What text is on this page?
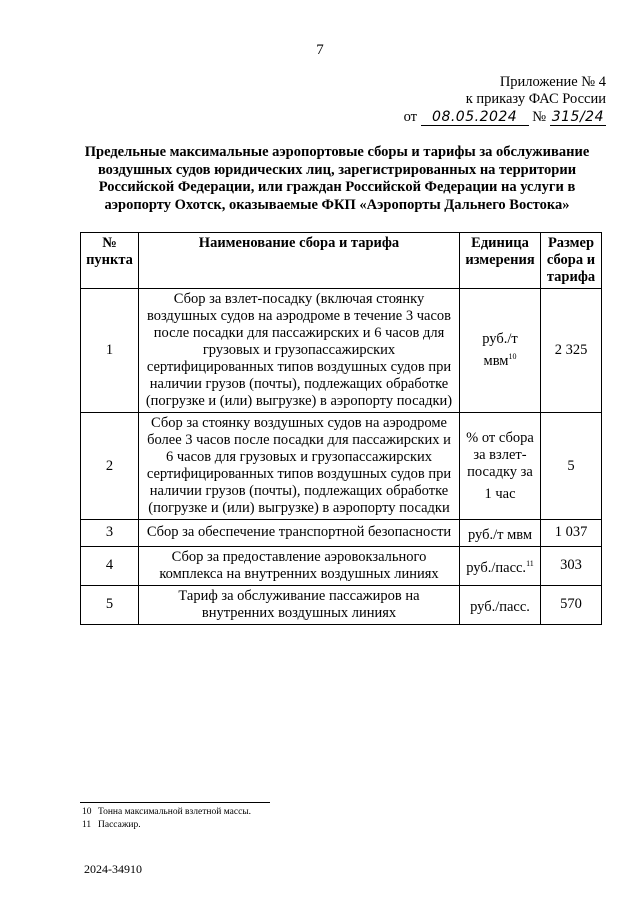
7
Приложение № 4
к приказу ФАС России
от 08.05.2024 № 315/24
Предельные максимальные аэропортовые сборы и тарифы за обслуживание воздушных судов юридических лиц, зарегистрированных на территории Российской Федерации, или граждан Российской Федерации на услуги в аэропорту Охотск, оказываемые ФКП «Аэропорты Дальнего Востока»
№ пункта	Наименование сбора и тарифа	Единица измерения	Размер сбора и тарифа
1	Сбор за взлет-посадку (включая стоянку воздушных судов на аэродроме в течение 3 часов после посадки для пассажирских и 6 часов для грузовых и грузопассажирских сертифицированных типов воздушных судов при наличии грузов (почты), подлежащих обработке (погрузке и (или) выгрузке) в аэропорту посадки)	руб./т мвм$^{10}$	2 325
2	Сбор за стоянку воздушных судов на аэродроме более 3 часов после посадки для пассажирских и 6 часов для грузовых и грузопассажирских сертифицированных типов воздушных судов при наличии грузов (почты), подлежащих обработке (погрузке и (или) выгрузке) в аэропорту посадки	% от сбора за взлет-посадку за 1 час	5
3	Сбор за обеспечение транспортной безопасности	руб./т мвм	1 037
4	Сбор за предоставление аэровокзального комплекса на внутренних воздушных линиях	руб./пасс.$^{11}$	303
5	Тариф за обслуживание пассажиров на внутренних воздушных линиях	руб./пасс.	570
10 Тонна максимальной взлетной массы.
11 Пассажир.
2024-34910
